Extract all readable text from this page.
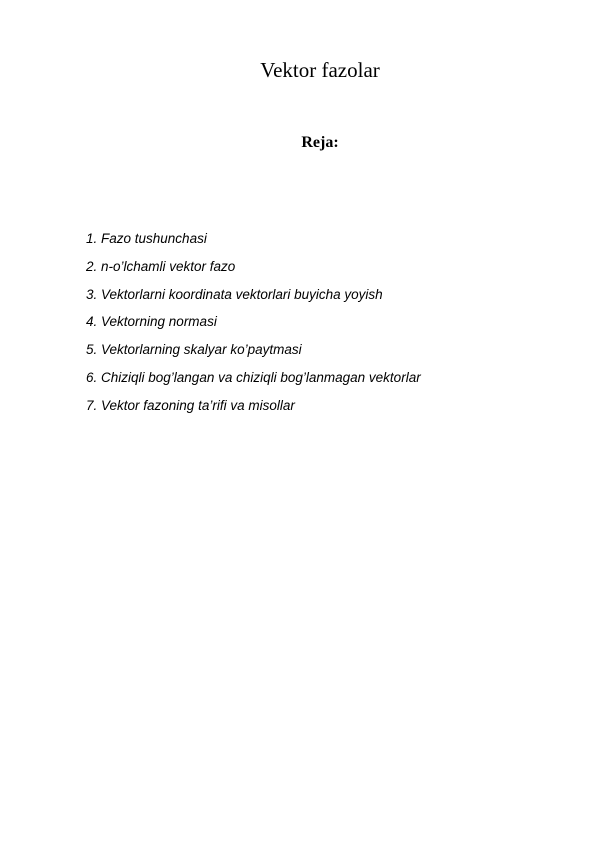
Vektor fazolar
Reja:
1. Fazo tushunchasi
2. n-o’lchamli vektor fazo
3. Vektorlarni koordinata vektorlari buyicha yoyish
4. Vektorning normasi
5. Vektorlarning skalyar ko’paytmasi
6. Chiziqli bog’langan va chiziqli bog’lanmagan vektorlar
7. Vektor fazoning ta’rifi va misollar
